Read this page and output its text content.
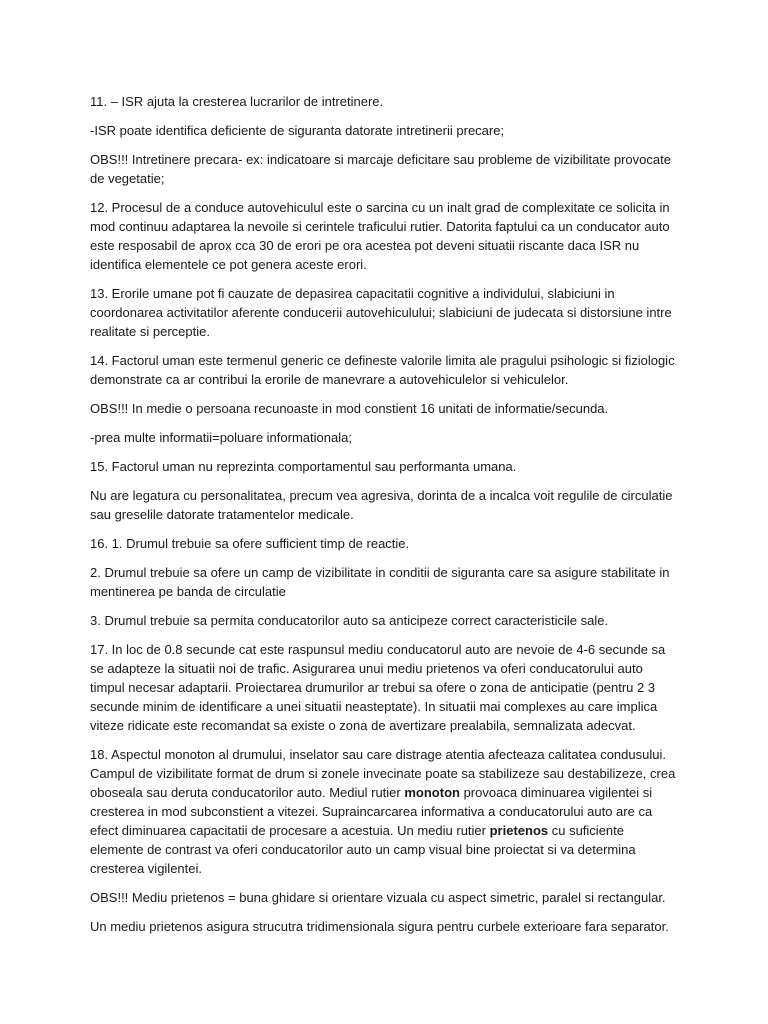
11. – ISR ajuta la cresterea lucrarilor de intretinere.

-ISR poate identifica deficiente de siguranta datorate intretinerii precare;

OBS!!! Intretinere precara- ex: indicatoare si marcaje deficitare sau probleme de vizibilitate provocate de vegetatie;

12. Procesul de a conduce autovehiculul este o sarcina cu un inalt grad de complexitate ce solicita in mod continuu adaptarea la nevoile si cerintele traficului rutier. Datorita faptului ca un conducator auto este resposabil de aprox cca 30 de erori pe ora acestea pot deveni situatii riscante daca ISR nu identifica elementele ce pot genera aceste erori.

13. Erorile umane pot fi cauzate de depasirea capacitatii cognitive a individului, slabiciuni in coordonarea activitatilor aferente conducerii autovehiculului; slabiciuni de judecata si distorsiune intre realitate si perceptie.

14. Factorul uman este termenul generic ce defineste valorile limita ale pragului psihologic si fiziologic demonstrate ca ar contribui la erorile de manevrare a autovehiculelor si vehiculelor.

OBS!!! In medie o persoana recunoaste in mod constient 16 unitati de informatie/secunda.

-prea multe informatii=poluare informationala;

15. Factorul uman nu reprezinta comportamentul sau performanta umana.

Nu are legatura cu personalitatea, precum vea agresiva, dorinta de a incalca voit regulile de circulatie sau greselile datorate tratamentelor medicale.

16. 1. Drumul trebuie sa ofere sufficient timp de reactie.

2. Drumul trebuie sa ofere un camp de vizibilitate in conditii de siguranta care sa asigure stabilitate in mentinerea pe banda de circulatie

3. Drumul trebuie sa permita conducatorilor auto sa anticipeze correct caracteristicile sale.

17. In loc de 0.8 secunde cat este raspunsul mediu conducatorul auto are nevoie de 4-6 secunde sa se adapteze la situatii noi de trafic. Asigurarea unui mediu prietenos va oferi conducatorului auto timpul necesar adaptarii. Proiectarea drumurilor ar trebui sa ofere o zona de anticipatie (pentru 2 3 secunde minim de identificare a unei situatii neasteptate). In situatii mai complexes au care implica viteze ridicate este recomandat sa existe o zona de avertizare prealabila, semnalizata adecvat.

18. Aspectul monoton al drumului, inselator sau care distrage atentia afecteaza calitatea condusului. Campul de vizibilitate format de drum si zonele invecinate poate sa stabilizeze sau destabilizeze, crea oboseala sau deruta conducatorilor auto. Mediul rutier monoton provoaca diminuarea vigilentei si cresterea in mod subconstient a vitezei. Supraincarcarea informativa a conducatorului auto are ca efect diminuarea capacitatii de procesare a acestuia. Un mediu rutier prietenos cu suficiente elemente de contrast va oferi conducatorilor auto un camp visual bine proiectat si va determina cresterea vigilentei.

OBS!!! Mediu prietenos = buna ghidare si orientare vizuala cu aspect simetric, paralel si rectangular.

Un mediu prietenos asigura strucutra tridimensionala sigura pentru curbele exterioare fara separator.
